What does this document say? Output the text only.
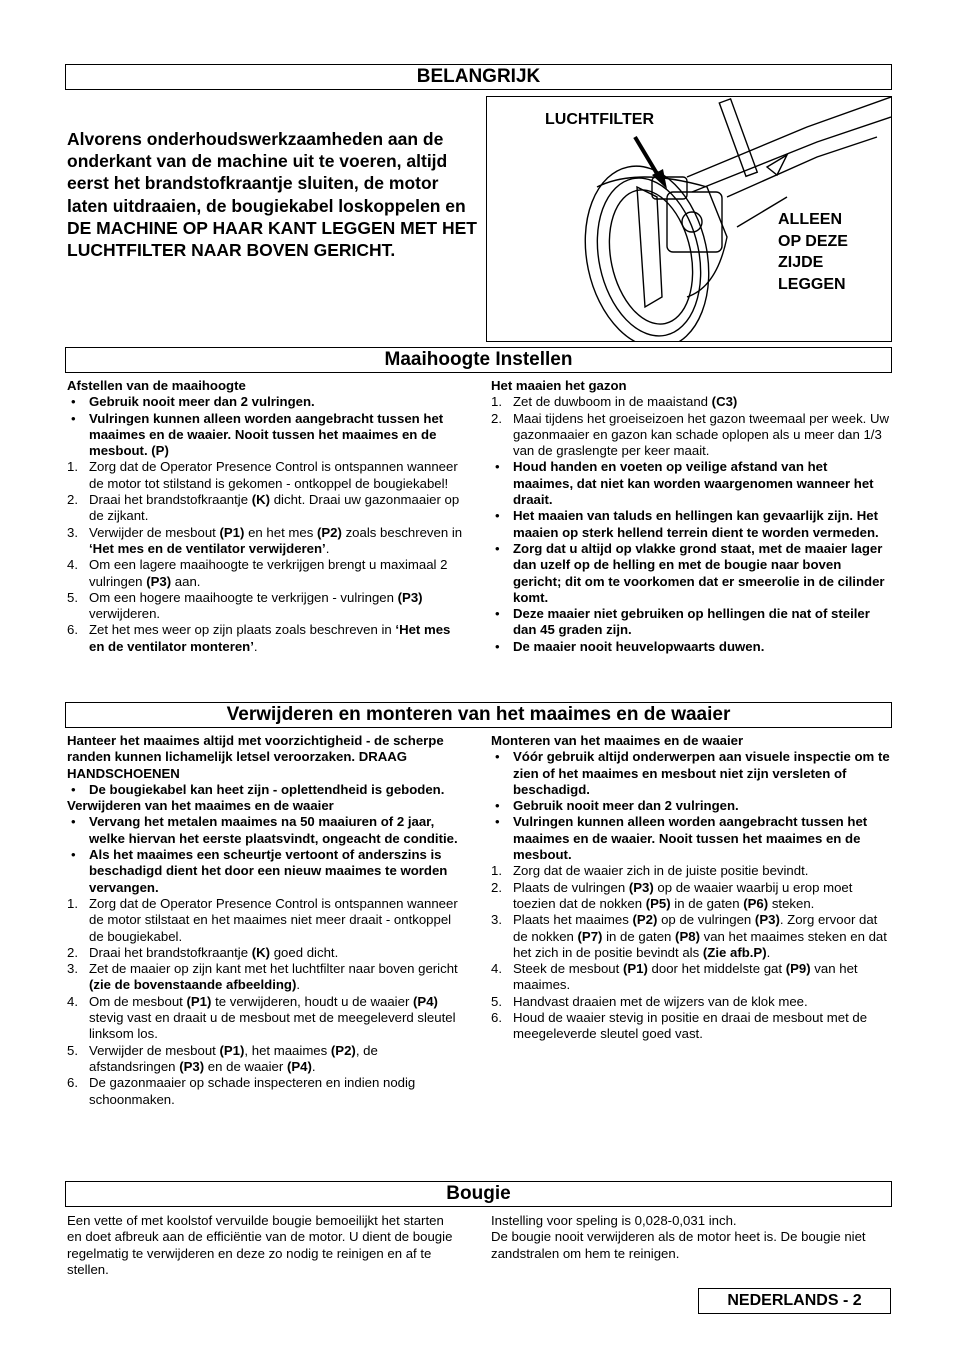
BELANGRIJK
Alvorens onderhoudswerkzaamheden aan de onderkant van de machine uit te voeren, altijd eerst het brandstofkraantje sluiten, de motor laten uitdraaien, de bougiekabel loskoppelen en DE MACHINE OP HAAR KANT LEGGEN MET HET LUCHTFILTER NAAR BOVEN GERICHT.
LUCHTFILTER
ALLEEN
OP DEZE
ZIJDE
LEGGEN
Maaihoogte Instellen

Afstellen van de maaihoogte

• Gebruik nooit meer dan 2 vulringen.
• Vulringen kunnen alleen worden aangebracht tussen het maaimes en de waaier. Nooit tussen het maaimes en de mesbout. (P)
1. Zorg dat de Operator Presence Control is ontspannen wanneer de motor tot stilstand is gekomen - ontkoppel de bougiekabel!
2. Draai het brandstofkraantje (K) dicht. Draai uw gazonmaaier op de zijkant.
3. Verwijder de mesbout (P1) en het mes (P2) zoals beschreven in ‘Het mes en de ventilator verwijderen’.
4. Om een lagere maaihoogte te verkrijgen brengt u maximaal 2 vulringen (P3) aan.
5. Om een hogere maaihoogte te verkrijgen - vulringen (P3) verwijderen.
6. Zet het mes weer op zijn plaats zoals beschreven in ‘Het mes en de ventilator monteren’.

Het maaien het gazon

1. Zet de duwboom in de maaistand (C3)
2. Maai tijdens het groeiseizoen het gazon tweemaal per week. Uw gazonmaaier en gazon kan schade oplopen als u meer dan 1/3 van de graslengte per keer maait.
• Houd handen en voeten op veilige afstand van het maaimes, dat niet kan worden waargenomen wanneer het draait.
• Het maaien van taluds en hellingen kan gevaarlijk zijn. Het maaien op sterk hellend terrein dient te worden vermeden.
• Zorg dat u altijd op vlakke grond staat, met de maaier lager dan uzelf op de helling en met de bougie naar boven gericht; dit om te voorkomen dat er smeerolie in de cilinder komt.
• Deze maaier niet gebruiken op hellingen die nat of steiler dan 45 graden zijn.
• De maaier nooit heuvelopwaarts duwen.
Verwijderen en monteren van het maaimes en de waaier

Hanteer het maaimes altijd met voorzichtigheid - de scherpe randen kunnen lichamelijk letsel veroorzaken. DRAAG HANDSCHOENEN

• De bougiekabel kan heet zijn - oplettendheid is geboden.

Verwijderen van het maaimes en de waaier

• Vervang het metalen maaimes na 50 maaiuren of 2 jaar, welke hiervan het eerste plaatsvindt, ongeacht de conditie.
• Als het maaimes een scheurtje vertoont of anderszins is beschadigd dient het door een nieuw maaimes te worden vervangen.
1. Zorg dat de Operator Presence Control is ontspannen wanneer de motor stilstaat en het maaimes niet meer draait - ontkoppel de bougiekabel.
2. Draai het brandstofkraantje (K) goed dicht.
3. Zet de maaier op zijn kant met het luchtfilter naar boven gericht (zie de bovenstaande afbeelding).
4. Om de mesbout (P1) te verwijderen, houdt u de waaier (P4) stevig vast en draait u de mesbout met de meegeleverd sleutel linksom los.
5. Verwijder de mesbout (P1), het maaimes (P2), de afstandsringen (P3) en de waaier (P4).
6. De gazonmaaier op schade inspecteren en indien nodig schoonmaken.

Monteren van het maaimes en de waaier

• Vóór gebruik altijd onderwerpen aan visuele inspectie om te zien of het maaimes en mesbout niet zijn versleten of beschadigd.
• Gebruik nooit meer dan 2 vulringen.
• Vulringen kunnen alleen worden aangebracht tussen het maaimes en de waaier. Nooit tussen het maaimes en de mesbout.
1. Zorg dat de waaier zich in de juiste positie bevindt.
2. Plaats de vulringen (P3) op de waaier waarbij u erop moet toezien dat de nokken (P5) in de gaten (P6) steken.
3. Plaats het maaimes (P2) op de vulringen (P3). Zorg ervoor dat de nokken (P7) in de gaten (P8) van het maaimes steken en dat het zich in de positie bevindt als (Zie afb.P).
4. Steek de mesbout (P1) door het middelste gat (P9) van het maaimes.
5. Handvast draaien met de wijzers van de klok mee.
6. Houd de waaier stevig in positie en draai de mesbout met de meegeleverde sleutel goed vast.
Bougie

Een vette of met koolstof vervuilde bougie bemoeilijkt het starten en doet afbreuk aan de efficiëntie van de motor. U dient de bougie regelmatig te verwijderen en deze zo nodig te reinigen en af te stellen.

Instelling voor speling is 0,028-0,031 inch.

De bougie nooit verwijderen als de motor heet is. De bougie niet zandstralen om hem te reinigen.

NEDERLANDS - 2
